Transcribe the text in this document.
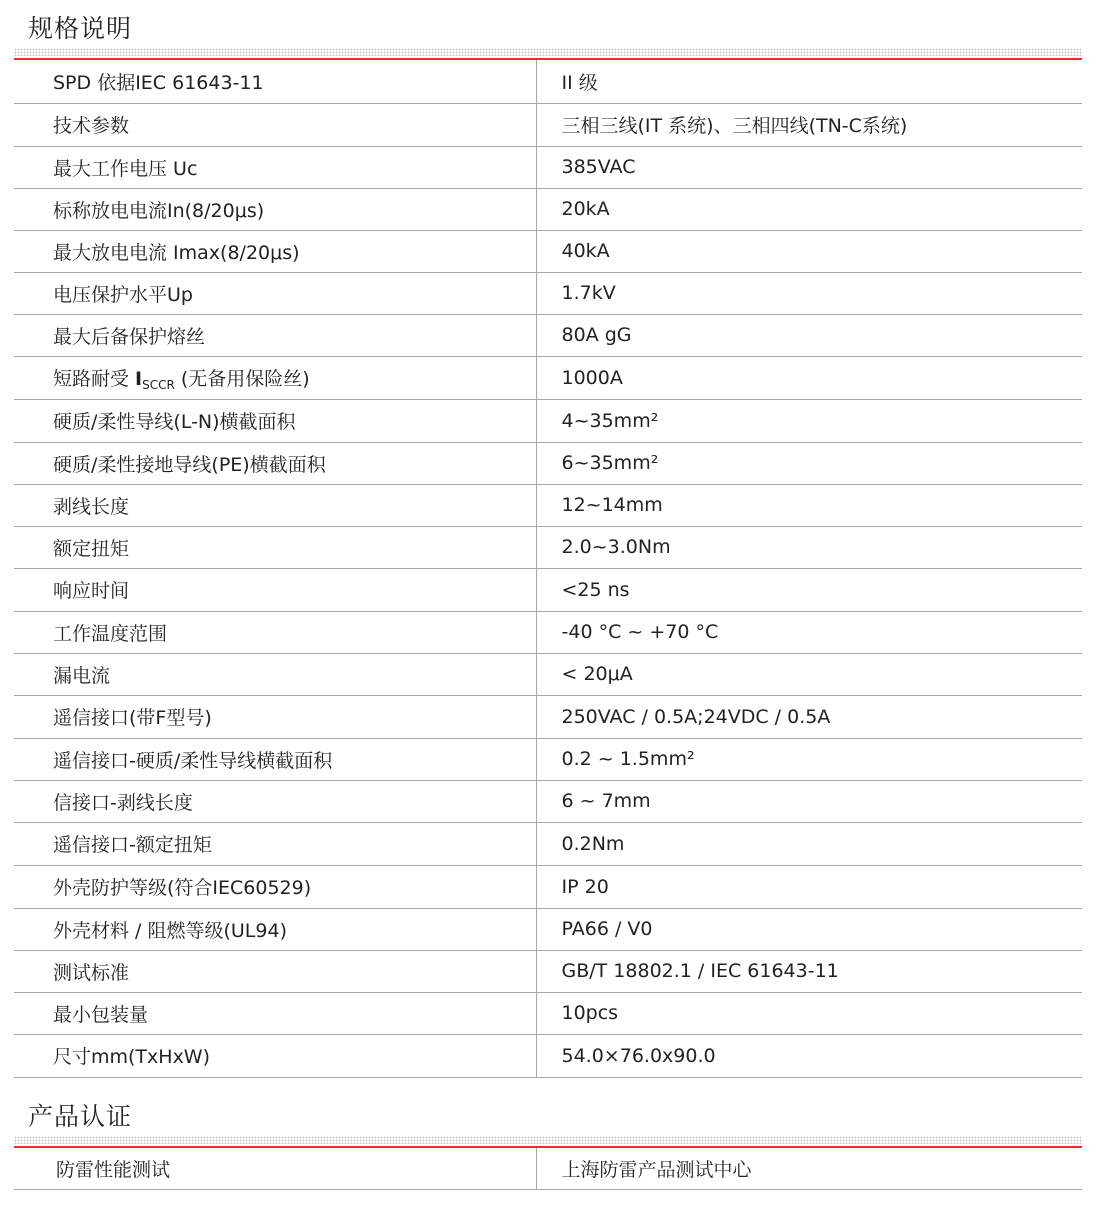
规格说明
SPD 依据IEC 61643-11	II 级
技术参数	三相三线(IT 系统)、三相四线(TN-C系统)
最大工作电压 Uc	385VAC
标称放电电流In(8/20μs)	20kA
最大放电电流 Imax(8/20μs)	40kA
电压保护水平Up	1.7kV
最大后备保护熔丝	80A gG
短路耐受 $I_{SCCR}$ (无备用保险丝)	1000A
硬质/柔性导线(L-N)横截面积	4~35mm²
硬质/柔性接地导线(PE)横截面积	6~35mm²
剥线长度	12~14mm
额定扭矩	2.0~3.0Nm
响应时间	<25 ns
工作温度范围	-40 °C ~ +70 °C
漏电流	< 20μA
遥信接口(带F型号)	250VAC / 0.5A;24VDC / 0.5A
遥信接口-硬质/柔性导线横截面积	0.2 ~ 1.5mm²
信接口-剥线长度	6 ~ 7mm
遥信接口-额定扭矩	0.2Nm
外壳防护等级(符合IEC60529)	IP 20
外壳材料 / 阻燃等级(UL94)	PA66 / V0
测试标准	GB/T 18802.1 / IEC 61643-11
最小包装量	10pcs
尺寸mm(TxHxW)	54.0×76.0x90.0
产品认证
防雷性能测试	上海防雷产品测试中心
